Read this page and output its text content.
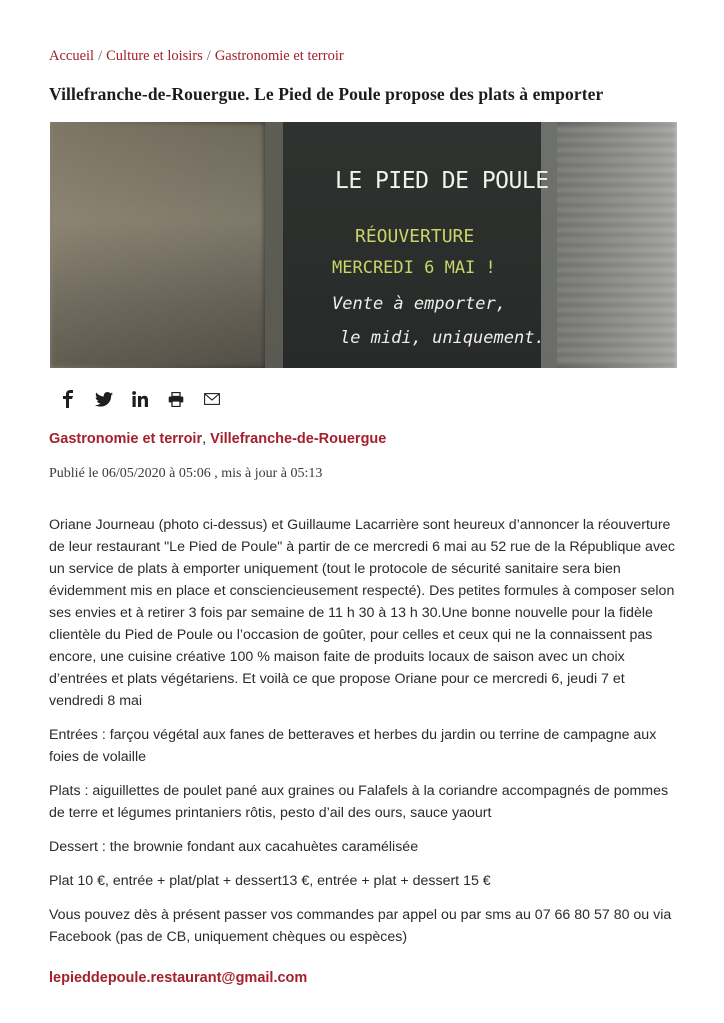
Accueil / Culture et loisirs / Gastronomie et terroir
Villefranche-de-Rouergue. Le Pied de Poule propose des plats à emporter
LE PIED DE POULE
RÉOUVERTURE
MERCREDI 6 MAI !
Vente à emporter,
le midi, uniquement.
Gastronomie et terroir, Villefranche-de-Rouergue
Publié le 06/05/2020 à 05:06 , mis à jour à 05:13

Oriane Journeau (photo ci-dessus) et Guillaume Lacarrière sont heureux d’annoncer la réouverture de leur restaurant "Le Pied de Poule" à partir de ce mercredi 6 mai au 52 rue de la République avec un service de plats à emporter uniquement (tout le protocole de sécurité sanitaire sera bien évidemment mis en place et consciencieusement respecté). Des petites formules à composer selon ses envies et à retirer 3 fois par semaine de 11 h 30 à 13 h 30.Une bonne nouvelle pour la fidèle clientèle du Pied de Poule ou l’occasion de goûter, pour celles et ceux qui ne la connaissent pas encore, une cuisine créative 100 % maison faite de produits locaux de saison avec un choix d’entrées et plats végétariens. Et voilà ce que propose Oriane pour ce mercredi 6, jeudi 7 et vendredi 8 mai

Entrées : farçou végétal aux fanes de betteraves et herbes du jardin ou terrine de campagne aux foies de volaille

Plats : aiguillettes de poulet pané aux graines ou Falafels à la coriandre accompagnés de pommes de terre et légumes printaniers rôtis, pesto d’ail des ours, sauce yaourt

Dessert : the brownie fondant aux cacahuètes caramélisée

Plat 10 €, entrée + plat/plat + dessert13 €, entrée + plat + dessert 15 €

Vous pouvez dès à présent passer vos commandes par appel ou par sms au 07 66 80 57 80 ou via Facebook (pas de CB, uniquement chèques ou espèces)

lepieddepoule.restaurant@gmail.com
